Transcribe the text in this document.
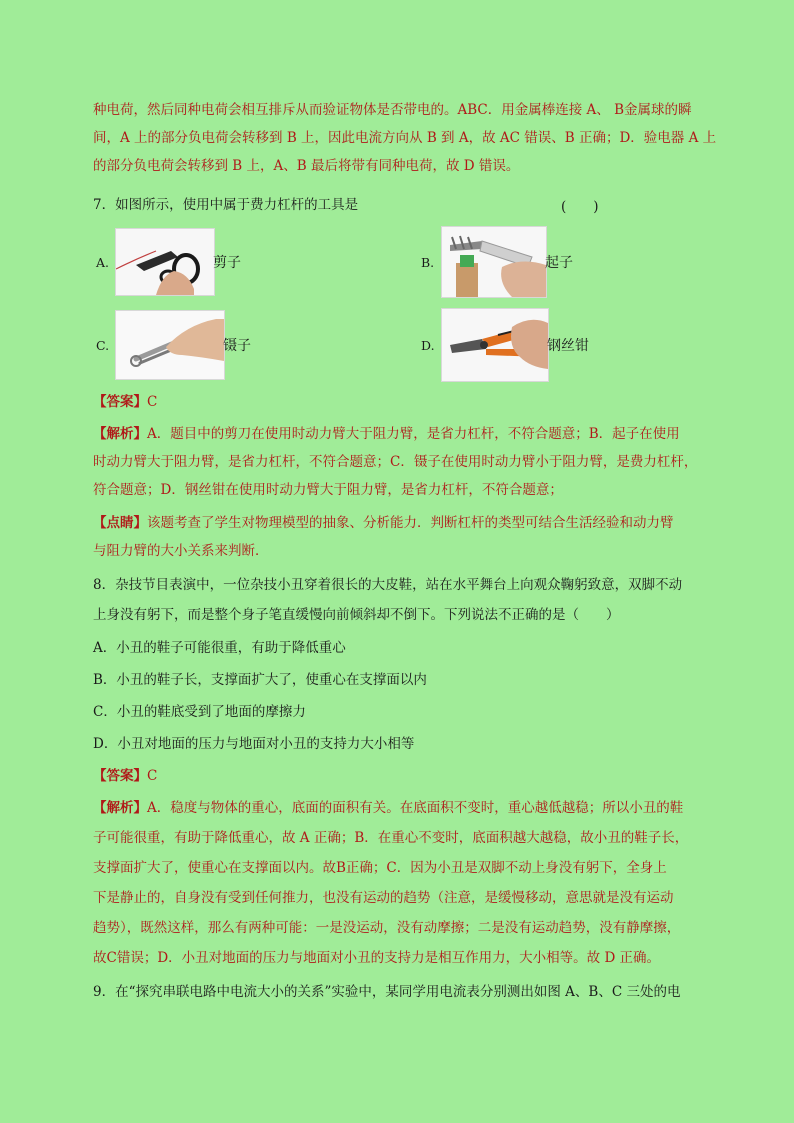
种电荷，然后同种电荷会相互排斥从而验证物体是否带电的。ABC．用金属棒连接 A、 B金属球的瞬
间，A 上的部分负电荷会转移到 B 上，因此电流方向从 B 到 A，故 AC 错误、B 正确；D．验电器 A 上
的部分负电荷会转移到 B 上，A、B 最后将带有同种电荷，故 D 错误。
7．如图所示，使用中属于费力杠杆的工具是	(　　)
A.	剪子	B.	起子
C.	镊子	D.	钢丝钳
【答案】C
【解析】A．题目中的剪刀在使用时动力臂大于阻力臂，是省力杠杆，不符合题意；B．起子在使用
时动力臂大于阻力臂，是省力杠杆，不符合题意；C．镊子在使用时动力臂小于阻力臂，是费力杠杆，
符合题意；D．钢丝钳在使用时动力臂大于阻力臂，是省力杠杆，不符合题意；
【点睛】该题考查了学生对物理模型的抽象、分析能力．判断杠杆的类型可结合生活经验和动力臂
与阻力臂的大小关系来判断．
8．杂技节目表演中，一位杂技小丑穿着很长的大皮鞋，站在水平舞台上向观众鞠躬致意，双脚不动
上身没有躬下，而是整个身子笔直缓慢向前倾斜却不倒下。下列说法不正确的是（　　）
A．小丑的鞋子可能很重，有助于降低重心
B．小丑的鞋子长，支撑面扩大了，使重心在支撑面以内
C．小丑的鞋底受到了地面的摩擦力
D．小丑对地面的压力与地面对小丑的支持力大小相等
【答案】C
【解析】A．稳度与物体的重心，底面的面积有关。在底面积不变时，重心越低越稳；所以小丑的鞋
子可能很重，有助于降低重心，故 A 正确；B．在重心不变时，底面积越大越稳，故小丑的鞋子长，
支撑面扩大了，使重心在支撑面以内。故B正确；C．因为小丑是双脚不动上身没有躬下，全身上
下是静止的，自身没有受到任何推力，也没有运动的趋势（注意，是缓慢移动，意思就是没有运动
趋势），既然这样，那么有两种可能：一是没运动，没有动摩擦；二是没有运动趋势，没有静摩擦，
故C错误；D．小丑对地面的压力与地面对小丑的支持力是相互作用力，大小相等。故 D 正确。
9．在“探究串联电路中电流大小的关系”实验中，某同学用电流表分别测出如图 A、B、C 三处的电
